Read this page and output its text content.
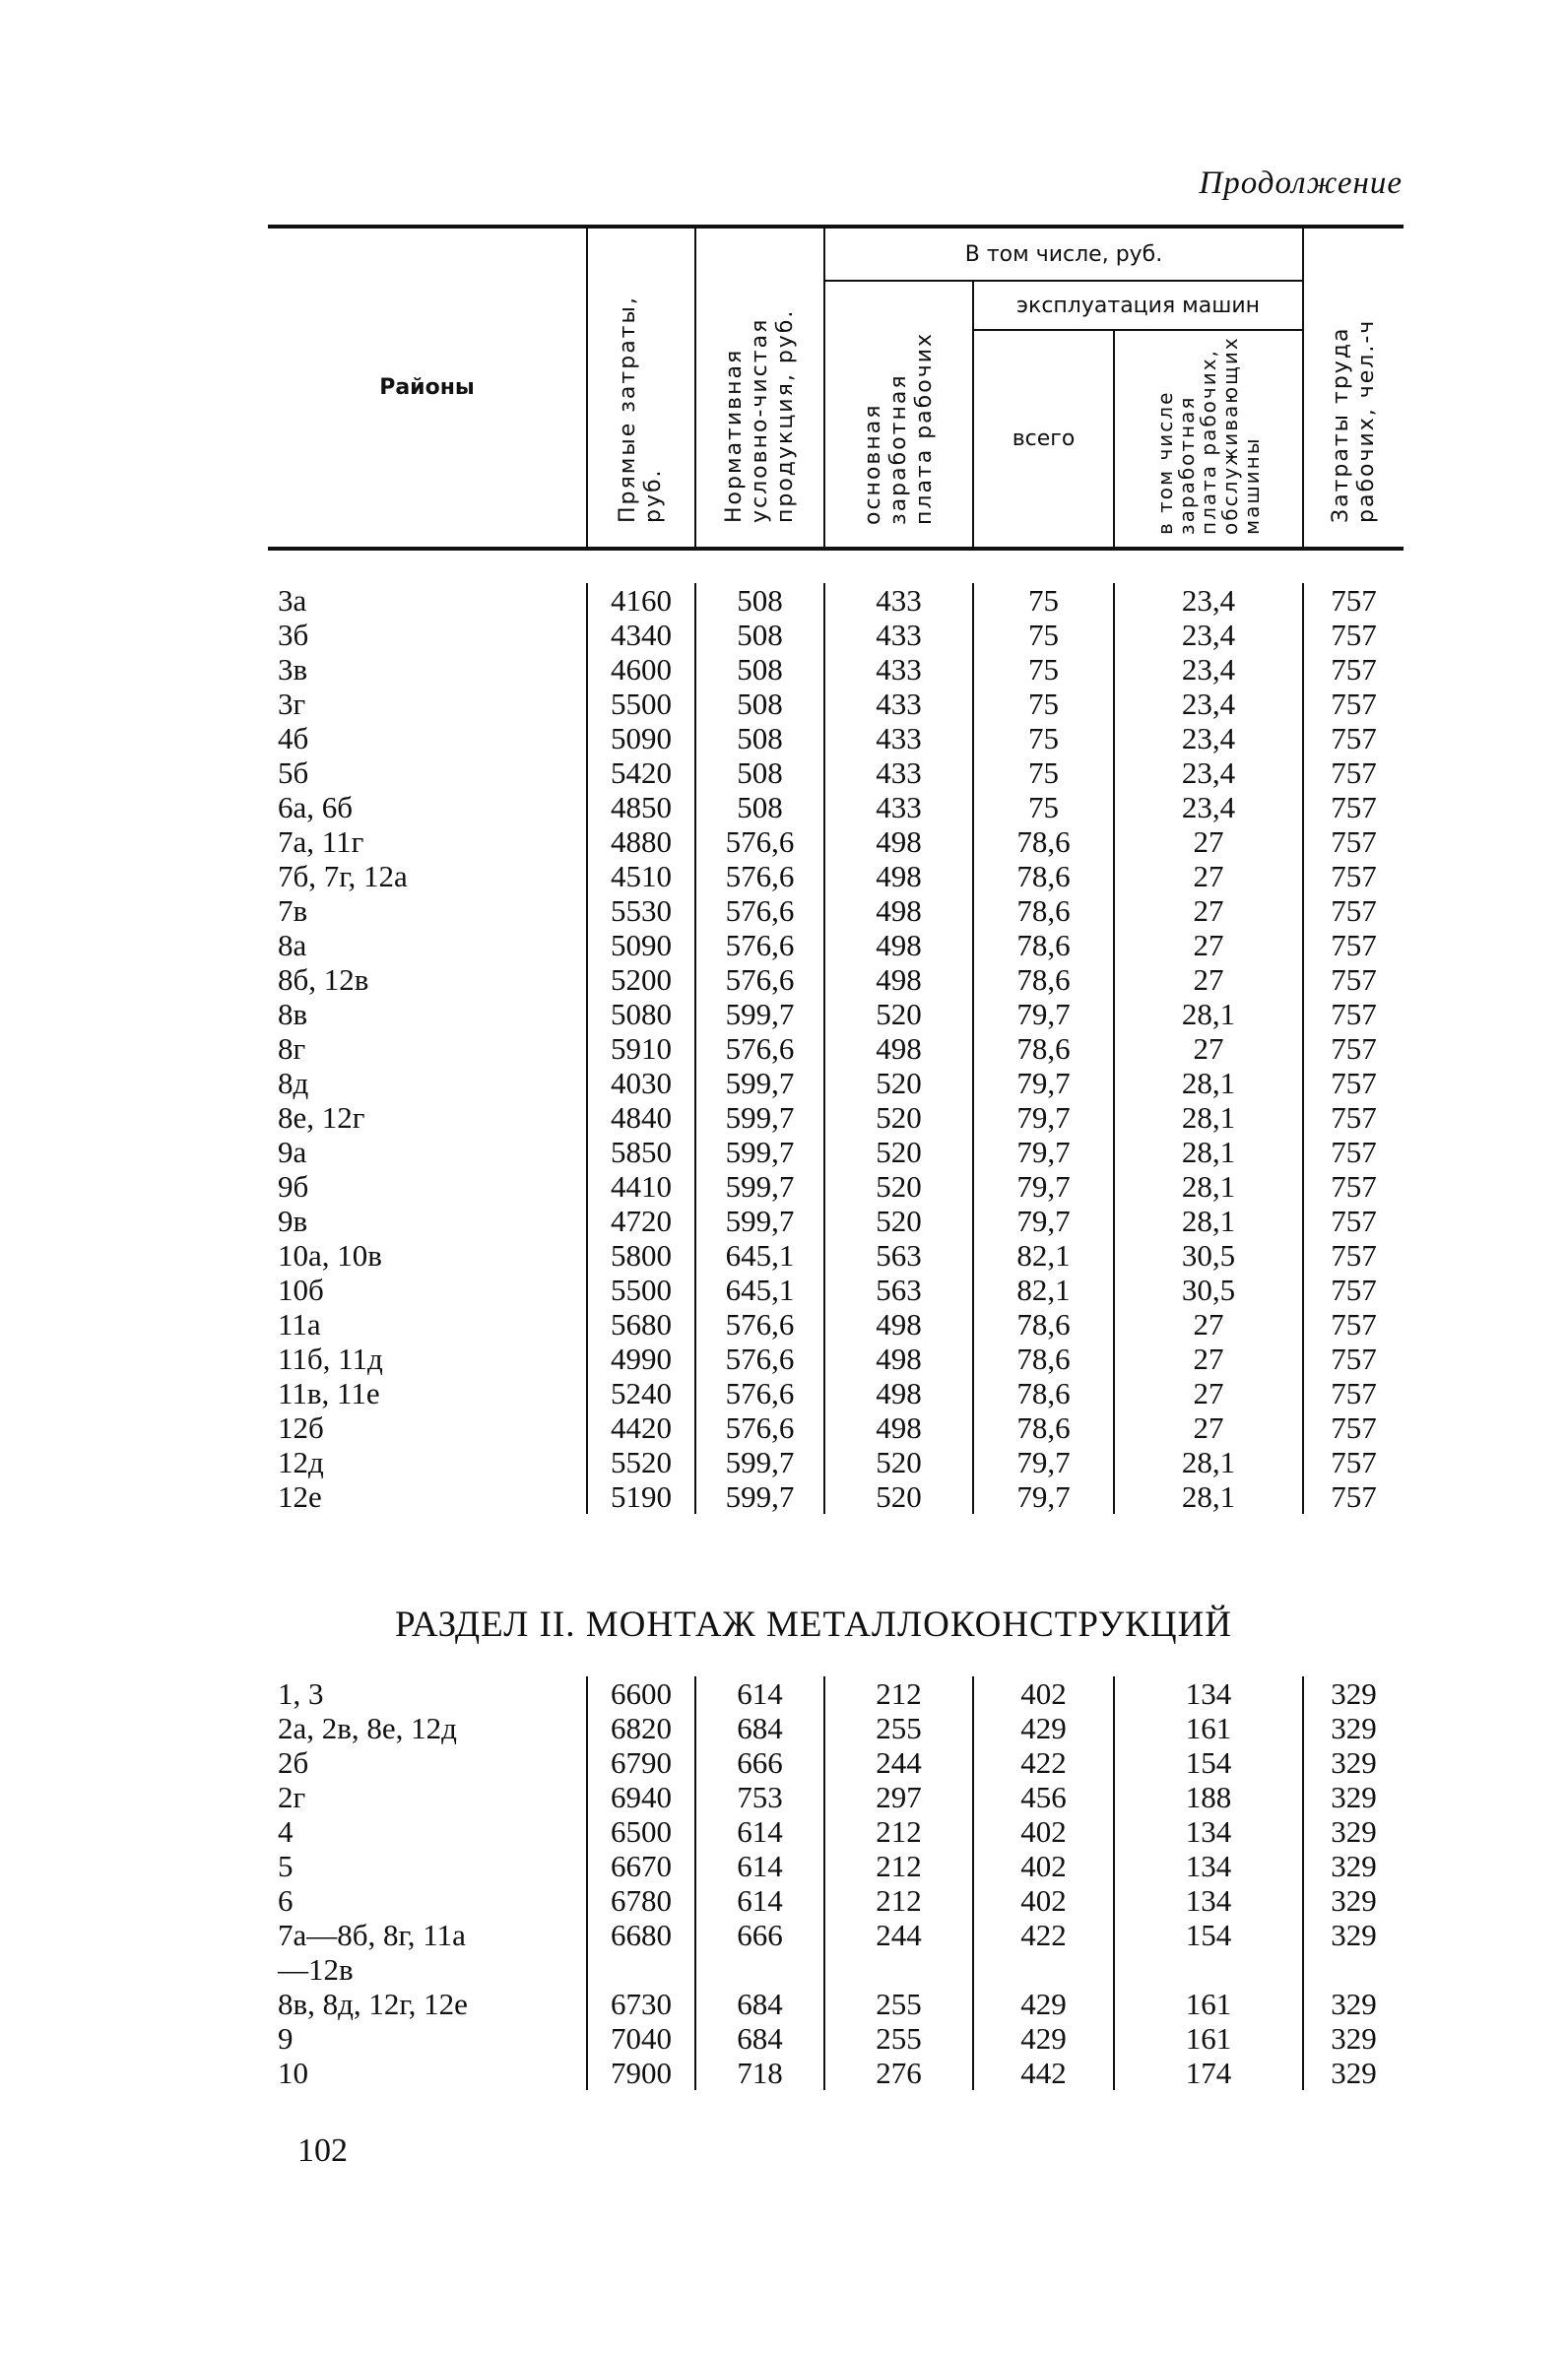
Продолжение
Районы	Прямые затраты, руб.	Нормативная условно-чистая продукция, руб.	В том числе, руб.			Затраты труда рабочих, чел.-ч
			основная заработная плата рабочих	эксплуатация машин		
				всего	в том числе заработная плата рабочих, обслуживающих машины	
3а	4160	508	433	75	23,4	757
3б	4340	508	433	75	23,4	757
3в	4600	508	433	75	23,4	757
3г	5500	508	433	75	23,4	757
4б	5090	508	433	75	23,4	757
5б	5420	508	433	75	23,4	757
6а, 6б	4850	508	433	75	23,4	757
7а, 11г	4880	576,6	498	78,6	27	757
7б, 7г, 12а	4510	576,6	498	78,6	27	757
7в	5530	576,6	498	78,6	27	757
8а	5090	576,6	498	78,6	27	757
8б, 12в	5200	576,6	498	78,6	27	757
8в	5080	599,7	520	79,7	28,1	757
8г	5910	576,6	498	78,6	27	757
8д	4030	599,7	520	79,7	28,1	757
8е, 12г	4840	599,7	520	79,7	28,1	757
9а	5850	599,7	520	79,7	28,1	757
9б	4410	599,7	520	79,7	28,1	757
9в	4720	599,7	520	79,7	28,1	757
10а, 10в	5800	645,1	563	82,1	30,5	757
10б	5500	645,1	563	82,1	30,5	757
11а	5680	576,6	498	78,6	27	757
11б, 11д	4990	576,6	498	78,6	27	757
11в, 11е	5240	576,6	498	78,6	27	757
12б	4420	576,6	498	78,6	27	757
12д	5520	599,7	520	79,7	28,1	757
12е	5190	599,7	520	79,7	28,1	757
РАЗДЕЛ II. МОНТАЖ МЕТАЛЛОКОНСТРУКЦИЙ
1, 3	6600	614	212	402	134	329
2а, 2в, 8е, 12д	6820	684	255	429	161	329
2б	6790	666	244	422	154	329
2г	6940	753	297	456	188	329
4	6500	614	212	402	134	329
5	6670	614	212	402	134	329
6	6780	614	212	402	134	329
7а—8б, 8г, 11а—12в	6680	666	244	422	154	329
8в, 8д, 12г, 12е	6730	684	255	429	161	329
9	7040	684	255	429	161	329
10	7900	718	276	442	174	329
102
